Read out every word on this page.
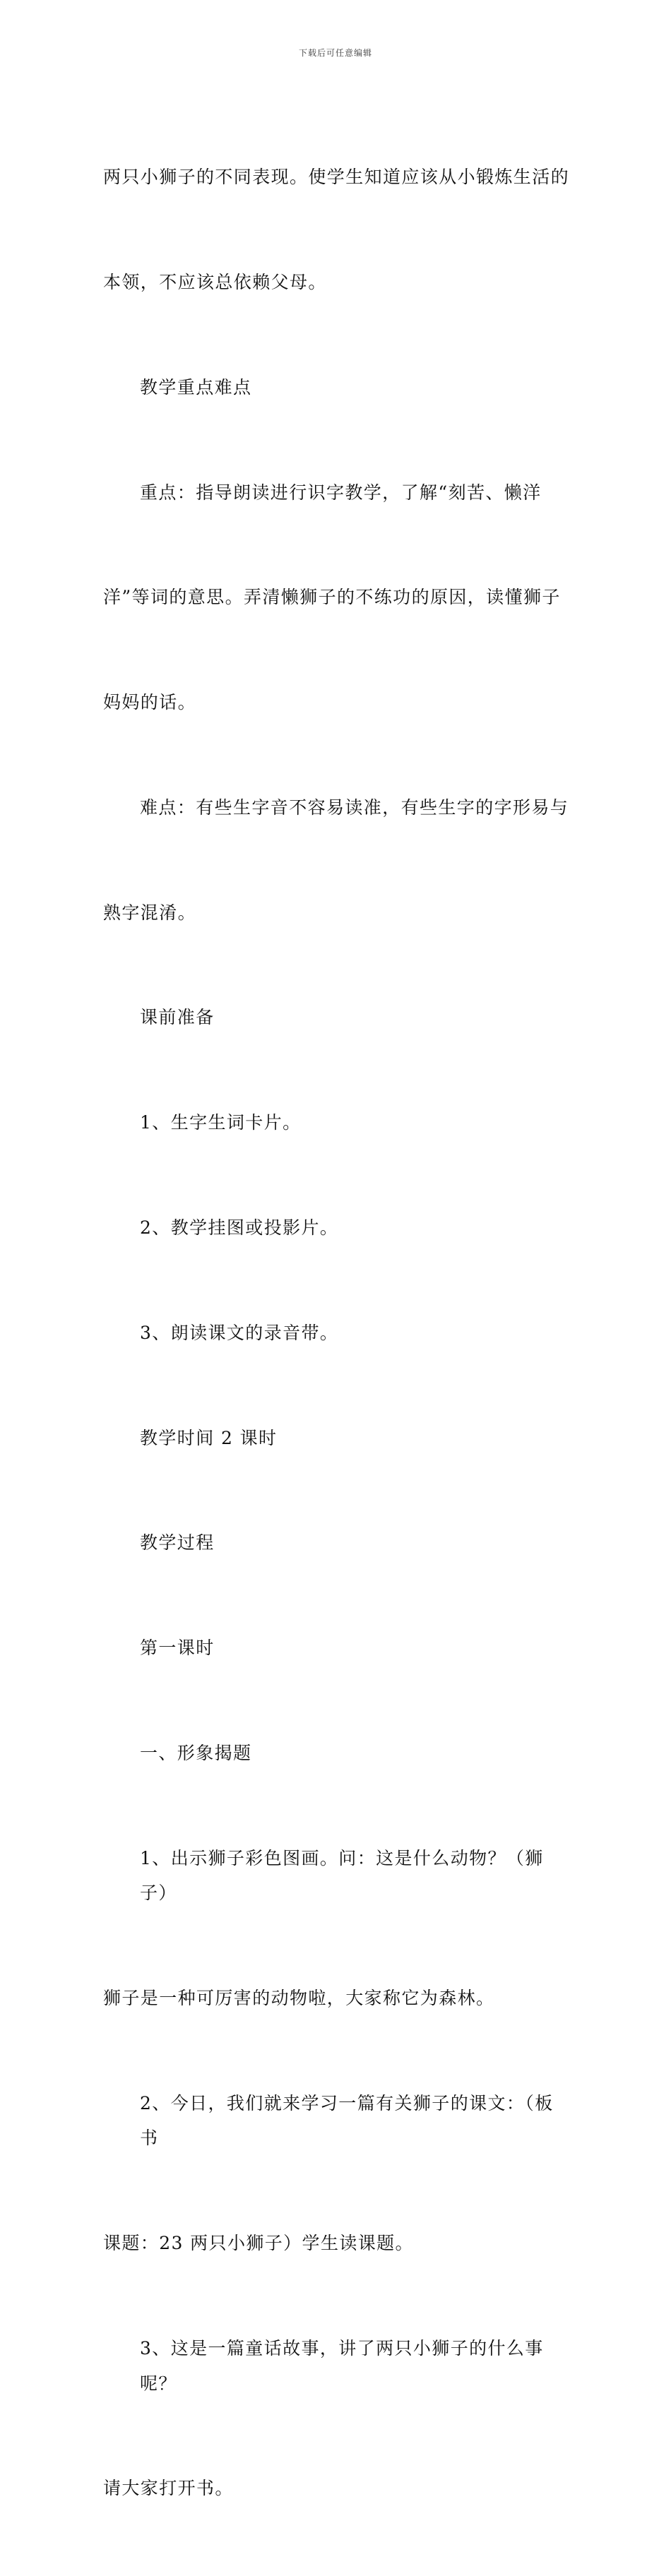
下载后可任意编辑

两只小狮子的不同表现。使学生知道应该从小锻炼生活的

本领，不应该总依赖父母。

教学重点难点

重点：指导朗读进行识字教学，了解“刻苦、懒洋

洋”等词的意思。弄清懒狮子的不练功的原因，读懂狮子

妈妈的话。

难点：有些生字音不容易读准，有些生字的字形易与

熟字混淆。

课前准备

1、生字生词卡片。

2、教学挂图或投影片。

3、朗读课文的录音带。

教学时间 2 课时

教学过程

第一课时

一、形象揭题

1、出示狮子彩色图画。问：这是什么动物？（狮子）

狮子是一种可厉害的动物啦，大家称它为森林。

2、今日，我们就来学习一篇有关狮子的课文：（板书

课题：23 两只小狮子）学生读课题。

3、这是一篇童话故事，讲了两只小狮子的什么事呢？

请大家打开书。
